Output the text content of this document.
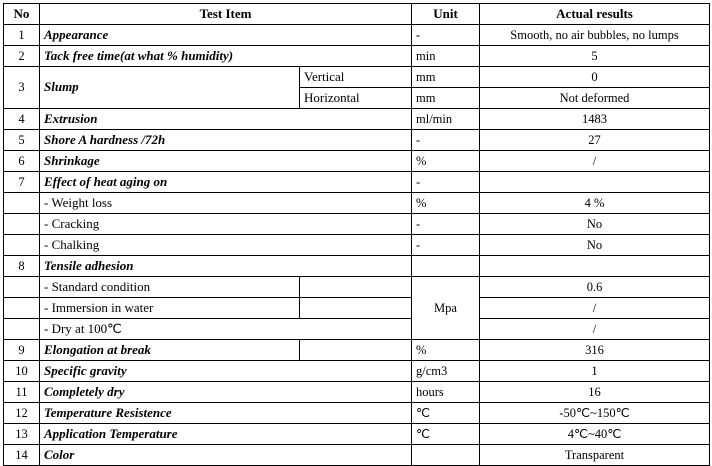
No	Test Item		Unit	Actual results
1	Appearance		-	Smooth, no air bubbles, no lumps
2	Tack free time(at what % humidity)		min	5
3	Slump	Vertical	mm	0
		Horizontal	mm	Not deformed
4	Extrusion		ml/min	1483
5	Shore A hardness /72h		-	27
6	Shrinkage		%	/
7	Effect of heat aging on		-	
	- Weight loss		%	4 %
	- Cracking		-	No
	- Chalking		-	No
8	Tensile adhesion			
	- Standard condition		Mpa	0.6
	- Immersion in water			/
	- Dry at 100℃			/
9	Elongation at break		%	316
10	Specific gravity		g/cm3	1
11	Completely dry		hours	16
12	Temperature Resistence		℃	-50℃~150℃
13	Application Temperature		℃	4℃~40℃
14	Color			Transparent
